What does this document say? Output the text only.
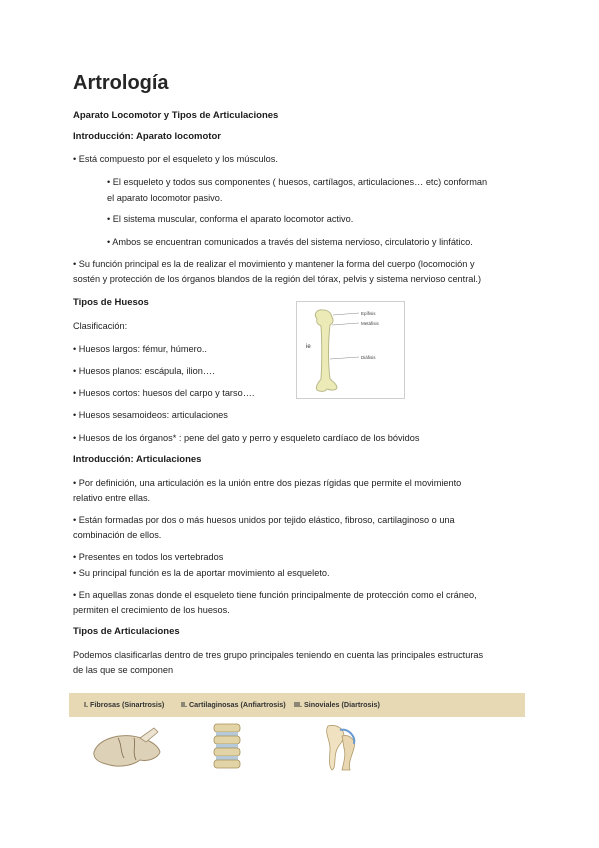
Artrología
Aparato Locomotor y Tipos de Articulaciones
Introducción: Aparato locomotor
• Está compuesto por el esqueleto y los músculos.
• El esqueleto y todos sus componentes ( huesos, cartílagos, articulaciones… etc) conforman
el aparato locomotor pasivo.
• El sistema muscular, conforma el aparato locomotor activo.
• Ambos se encuentran comunicados a través del sistema nervioso, circulatorio y linfático.
• Su función principal es la de realizar el movimiento y mantener la forma del cuerpo (locomoción y
sostén y protección de los órganos blandos de la región del tórax, pelvis y sistema nervioso central.)
Tipos de Huesos
Clasificación:
• Huesos largos: fémur, húmero..
• Huesos planos: escápula, ilion….
• Huesos cortos: huesos del carpo y tarso….
• Huesos sesamoideos: articulaciones
• Huesos de los órganos* : pene del gato y perro y esqueleto cardíaco de los bóvidos
Epífisis
Metáfisis
Diáfisis
ie
Introducción: Articulaciones
• Por definición, una articulación es la unión entre dos piezas rígidas que permite el movimiento
relativo entre ellas.
• Están formadas por dos o más huesos unidos por tejido elástico, fibroso, cartilaginoso o una
combinación de ellos.
• Presentes en todos los vertebrados
• Su principal función es la de aportar movimiento al esqueleto.
• En aquellas zonas donde el esqueleto tiene función principalmente de protección como el cráneo,
permiten el crecimiento de los huesos.
Tipos de Articulaciones
Podemos clasificarlas dentro de tres grupo principales teniendo en cuenta las principales estructuras
de las que se componen
I. Fibrosas (Sinartrosis) II. Cartilaginosas (Anfiartrosis) III. Sinoviales (Diartrosis)
